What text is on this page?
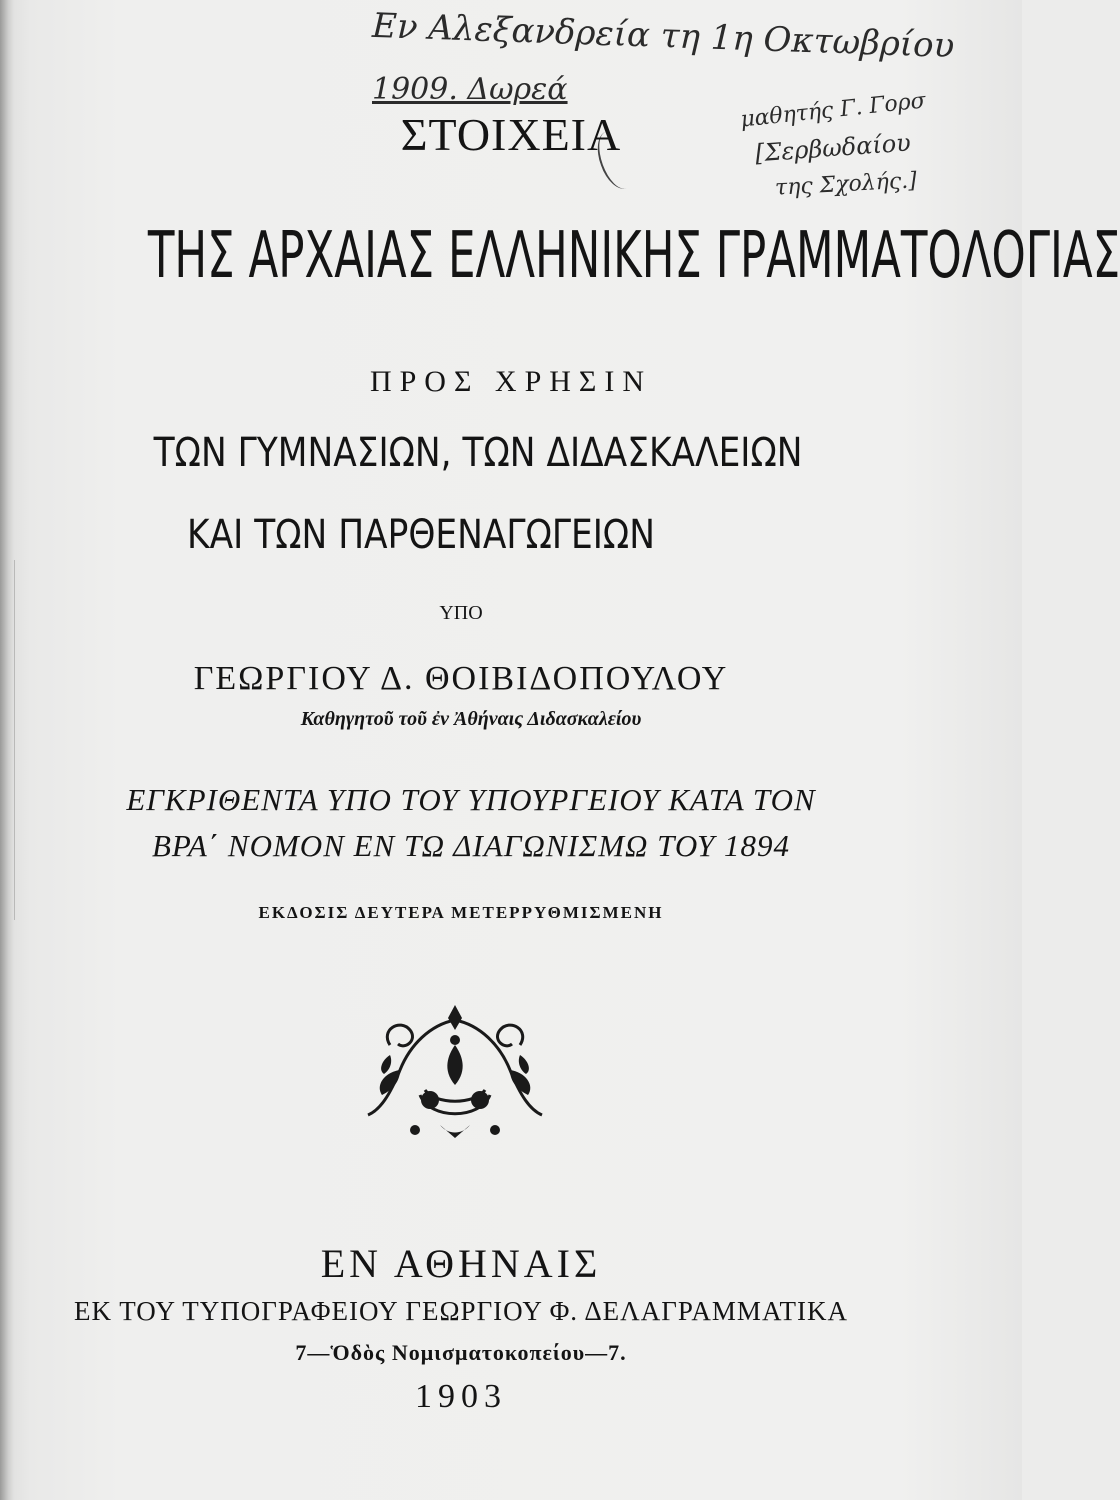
Εν Αλεξανδρεία τη 1η Οκτωβρίου
1909. Δωρεά	μαθητής Γ. Γορσ
[Σερβωδαίου
της Σχολής.]
ΣΤΟΙΧΕΙΑ
ΤΗΣ ΑΡΧΑΙΑΣ ΕΛΛΗΝΙΚΗΣ ΓΡΑΜΜΑΤΟΛΟΓΙΑΣ
ΠΡΟΣ ΧΡΗΣΙΝ
ΤΩΝ ΓΥΜΝΑΣΙΩΝ, ΤΩΝ ΔΙΔΑΣΚΑΛΕΙΩΝ
ΚΑΙ ΤΩΝ ΠΑΡΘΕΝΑΓΩΓΕΙΩΝ
ΥΠΟ
ΓΕΩΡΓΙΟΥ Δ. ΘΟΙΒΙΔΟΠΟΥΛΟΥ
Καθηγητοῦ τοῦ ἐν Ἀθήναις Διδασκαλείου
ΕΓΚΡΙΘΕΝΤΑ ΥΠΟ ΤΟΥ ΥΠΟΥΡΓΕΙΟΥ ΚΑΤΑ ΤΟΝ
ΒΡΑ΄ ΝΟΜΟΝ ΕΝ ΤΩ ΔΙΑΓΩΝΙΣΜΩ ΤΟΥ 1894
ΕΚΔΟΣΙΣ ΔΕΥΤΕΡΑ ΜΕΤΕΡΡΥΘΜΙΣΜΕΝΗ
ΕΝ ΑΘΗΝΑΙΣ
ΕΚ ΤΟΥ ΤΥΠΟΓΡΑΦΕΙΟΥ ΓΕΩΡΓΙΟΥ Φ. ΔΕΛΑΓΡΑΜΜΑΤΙΚΑ
7—Ὁδὸς Νομισματοκοπείου—7.
1903
